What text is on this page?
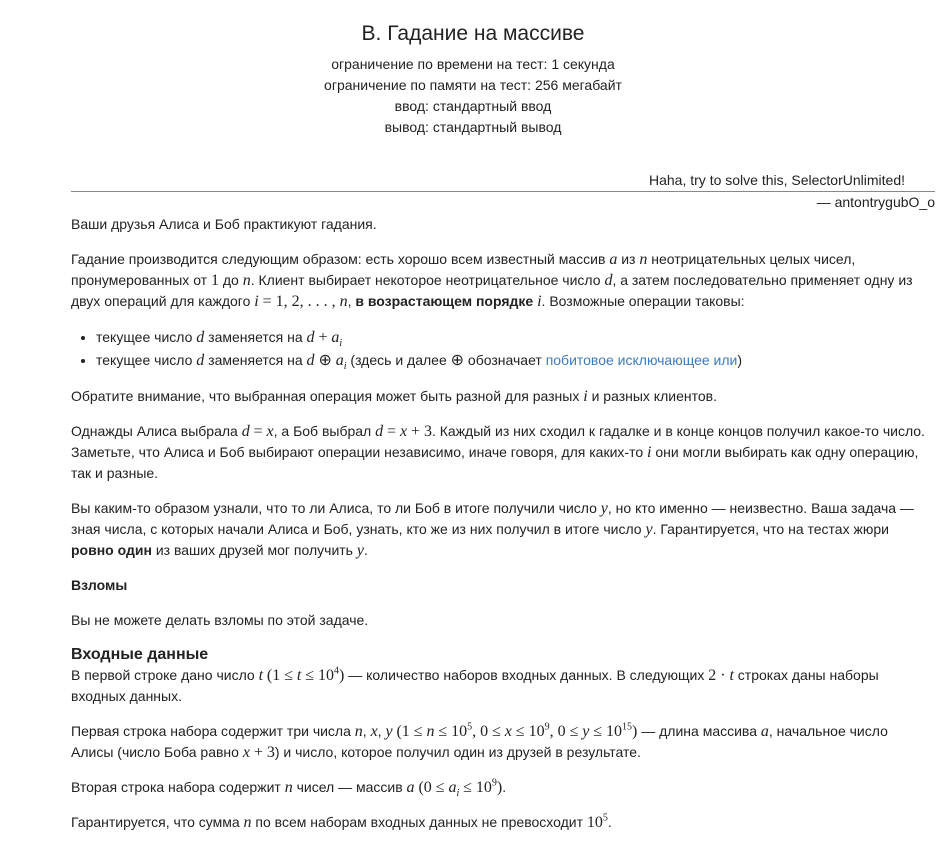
B. Гадание на массиве
ограничение по времени на тест: 1 секунда
ограничение по памяти на тест: 256 мегабайт
ввод: стандартный ввод
вывод: стандартный вывод
Haha, try to solve this, SelectorUnlimited!
— antontrygubO_o

Ваши друзья Алиса и Боб практикуют гадания.

Гадание производится следующим образом: есть хорошо всем известный массив a из n неотрицательных целых чисел, пронумерованных от 1 до n. Клиент выбирает некоторое неотрицательное число d, а затем последовательно применяет одну из двух операций для каждого i = 1, 2, . . . , n, в возрастающем порядке i. Возможные операции таковы:

• текущее число d заменяется на $d + a_i$
• текущее число d заменяется на d ⊕ $a_i$ (здесь и далее ⊕ обозначает побитовое исключающее или)

Обратите внимание, что выбранная операция может быть разной для разных i и разных клиентов.

Однажды Алиса выбрала d = x, а Боб выбрал d = x + 3. Каждый из них сходил к гадалке и в конце концов получил какое-то число. Заметьте, что Алиса и Боб выбирают операции независимо, иначе говоря, для каких-то i они могли выбирать как одну операцию, так и разные.

Вы каким-то образом узнали, что то ли Алиса, то ли Боб в итоге получили число y, но кто именно — неизвестно. Ваша задача — зная числа, с которых начали Алиса и Боб, узнать, кто же из них получил в итоге число y. Гарантируется, что на тестах жюри ровно один из ваших друзей мог получить y.

Взломы

Вы не можете делать взломы по этой задаче.

Входные данные

В первой строке дано число t $(1 \le t \le 10^4)$ — количество наборов входных данных. В следующих 2 · t строках даны наборы входных данных.

Первая строка набора содержит три числа n, x, y ($1 \le n \le 10^5$, $0 \le x \le 10^9$, $0 \le y \le 10^{15}$) — длина массива a, начальное число Алисы (число Боба равно x + 3) и число, которое получил один из друзей в результате.

Вторая строка набора содержит n чисел — массив a $(0 \le a_i \le 10^9)$.

Гарантируется, что сумма n по всем наборам входных данных не превосходит $10^5$.
